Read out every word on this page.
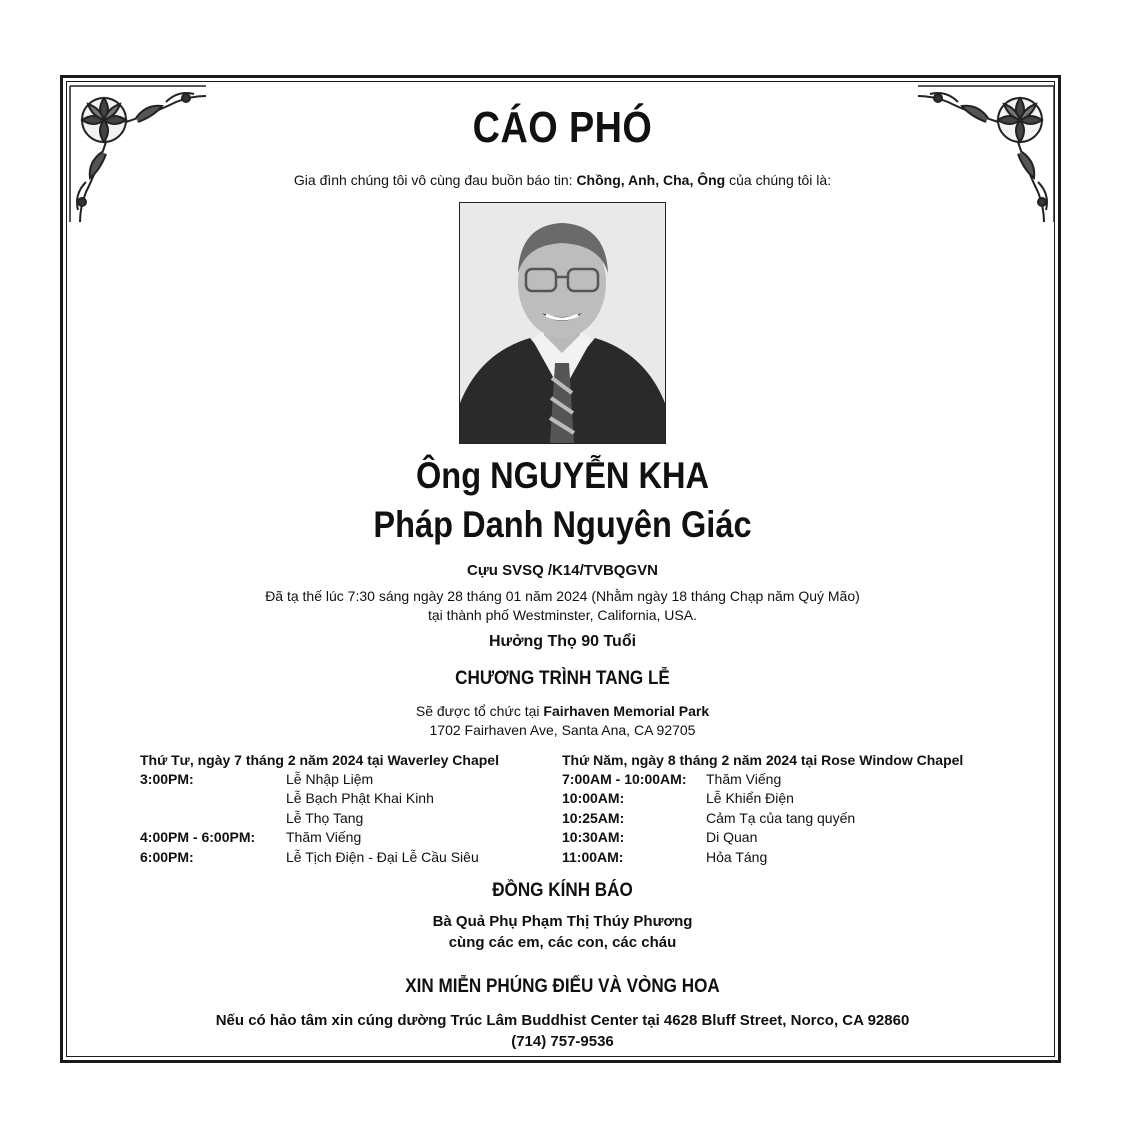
CÁO PHÓ
Gia đình chúng tôi vô cùng đau buồn báo tin: Chồng, Anh, Cha, Ông của chúng tôi là:
Ông NGUYỄN KHA
Pháp Danh Nguyên Giác
Cựu SVSQ /K14/TVBQGVN
Đã tạ thế lúc 7:30 sáng ngày 28 tháng 01 năm 2024 (Nhằm ngày 18 tháng Chạp năm Quý Mão)
tại thành phố Westminster, California, USA.
Hưởng Thọ 90 Tuổi
CHƯƠNG TRÌNH TANG LỄ
Sẽ được tổ chức tại Fairhaven Memorial Park
1702 Fairhaven Ave, Santa Ana, CA 92705
Thứ Tư, ngày 7 tháng 2 năm 2024 tại Waverley Chapel
3:00PM:	Lễ Nhập Liệm
Lễ Bạch Phật Khai Kinh
Lễ Thọ Tang
4:00PM - 6:00PM: Thăm Viếng
6:00PM:	Lễ Tịch Điện - Đại Lễ Cầu Siêu
Thứ Năm, ngày 8 tháng 2 năm 2024 tại Rose Window Chapel
7:00AM - 10:00AM: Thăm Viếng
10:00AM:	Lễ Khiển Điện
10:25AM:	Cảm Tạ của tang quyến
10:30AM:	Di Quan
11:00AM:	Hỏa Táng
ĐỒNG KÍNH BÁO
Bà Quả Phụ Phạm Thị Thúy Phương
cùng các em, các con, các cháu
XIN MIỄN PHÚNG ĐIẾU VÀ VÒNG HOA
Nếu có hảo tâm xin cúng dường Trúc Lâm Buddhist Center tại 4628 Bluff Street, Norco, CA 92860
(714) 757-9536
